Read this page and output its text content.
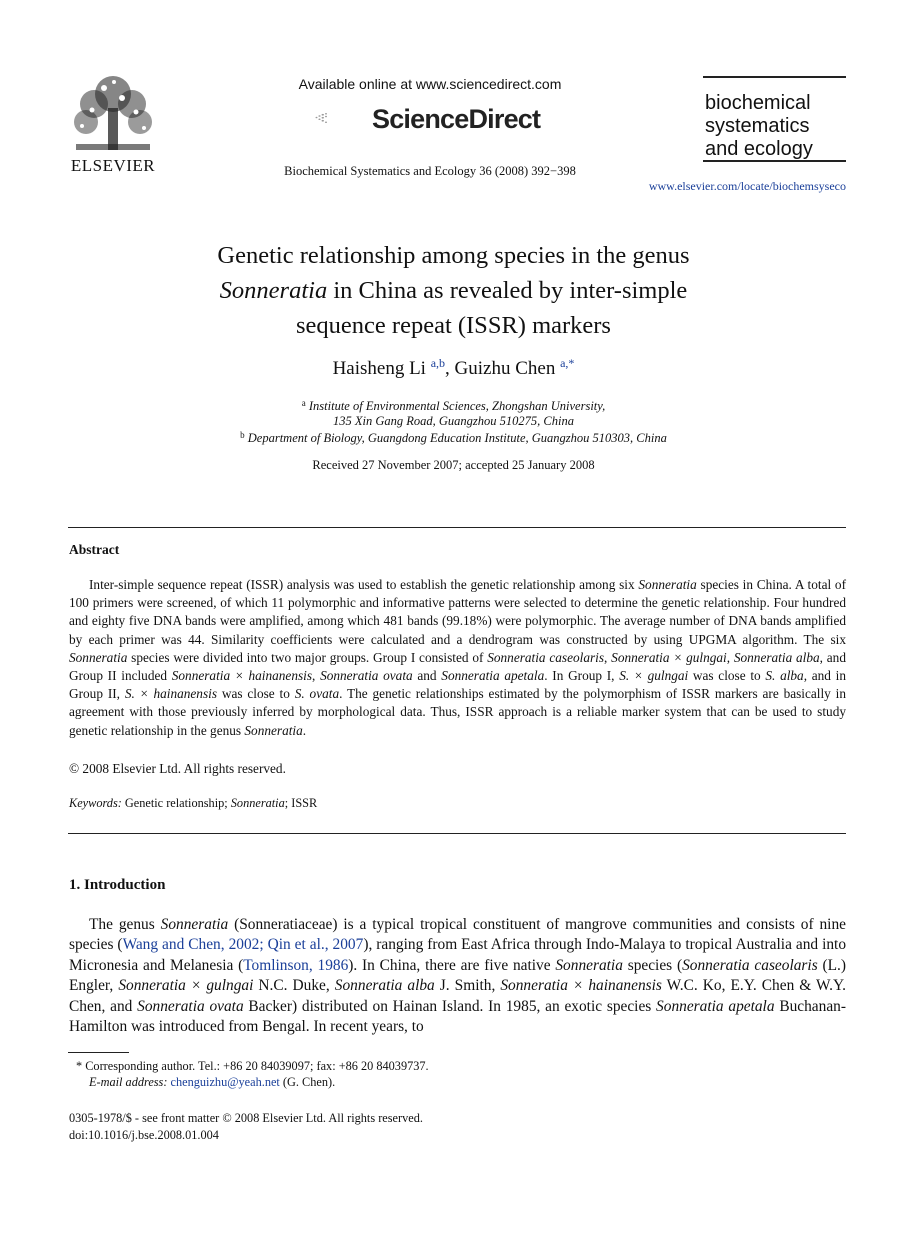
ELSEVIER
Available online at www.sciencedirect.com
ScienceDirect
Biochemical Systematics and Ecology 36 (2008) 392−398
biochemical
systematics
and ecology
www.elsevier.com/locate/biochemsyseco
Genetic relationship among species in the genus
Sonneratia in China as revealed by inter-simple
sequence repeat (ISSR) markers
Haisheng Li $^{a,b}$, Guizhu Chen $^{a,*}$
$^a$ Institute of Environmental Sciences, Zhongshan University,
135 Xin Gang Road, Guangzhou 510275, China
$^b$ Department of Biology, Guangdong Education Institute, Guangzhou 510303, China
Received 27 November 2007; accepted 25 January 2008
Abstract
Inter-simple sequence repeat (ISSR) analysis was used to establish the genetic relationship among six Sonneratia species in China. A total of 100 primers were screened, of which 11 polymorphic and informative patterns were selected to determine the genetic relationship. Four hundred and eighty five DNA bands were amplified, among which 481 bands (99.18%) were polymorphic. The average number of DNA bands amplified by each primer was 44. Similarity coefficients were calculated and a dendrogram was constructed by using UPGMA algorithm. The six Sonneratia species were divided into two major groups. Group I consisted of Sonneratia caseolaris, Sonneratia × gulngai, Sonneratia alba, and Group II included Sonneratia × hainanensis, Sonneratia ovata and Sonneratia apetala. In Group I, S. × gulngai was close to S. alba, and in Group II, S. × hainanensis was close to S. ovata. The genetic relationships estimated by the polymorphism of ISSR markers are basically in agreement with those previously inferred by morphological data. Thus, ISSR approach is a reliable marker system that can be used to study genetic relationship in the genus Sonneratia.
© 2008 Elsevier Ltd. All rights reserved.
Keywords: Genetic relationship; Sonneratia; ISSR
1. Introduction
The genus Sonneratia (Sonneratiaceae) is a typical tropical constituent of mangrove communities and consists of nine species (Wang and Chen, 2002; Qin et al., 2007), ranging from East Africa through Indo-Malaya to tropical Australia and into Micronesia and Melanesia (Tomlinson, 1986). In China, there are five native Sonneratia species (Sonneratia caseolaris (L.) Engler, Sonneratia × gulngai N.C. Duke, Sonneratia alba J. Smith, Sonneratia × hainanensis W.C. Ko, E.Y. Chen & W.Y. Chen, and Sonneratia ovata Backer) distributed on Hainan Island. In 1985, an exotic species Sonneratia apetala Buchanan-Hamilton was introduced from Bengal. In recent years, to
* Corresponding author. Tel.: +86 20 84039097; fax: +86 20 84039737.
E-mail address: chenguizhu@yeah.net (G. Chen).
0305-1978/$ - see front matter © 2008 Elsevier Ltd. All rights reserved.
doi:10.1016/j.bse.2008.01.004
